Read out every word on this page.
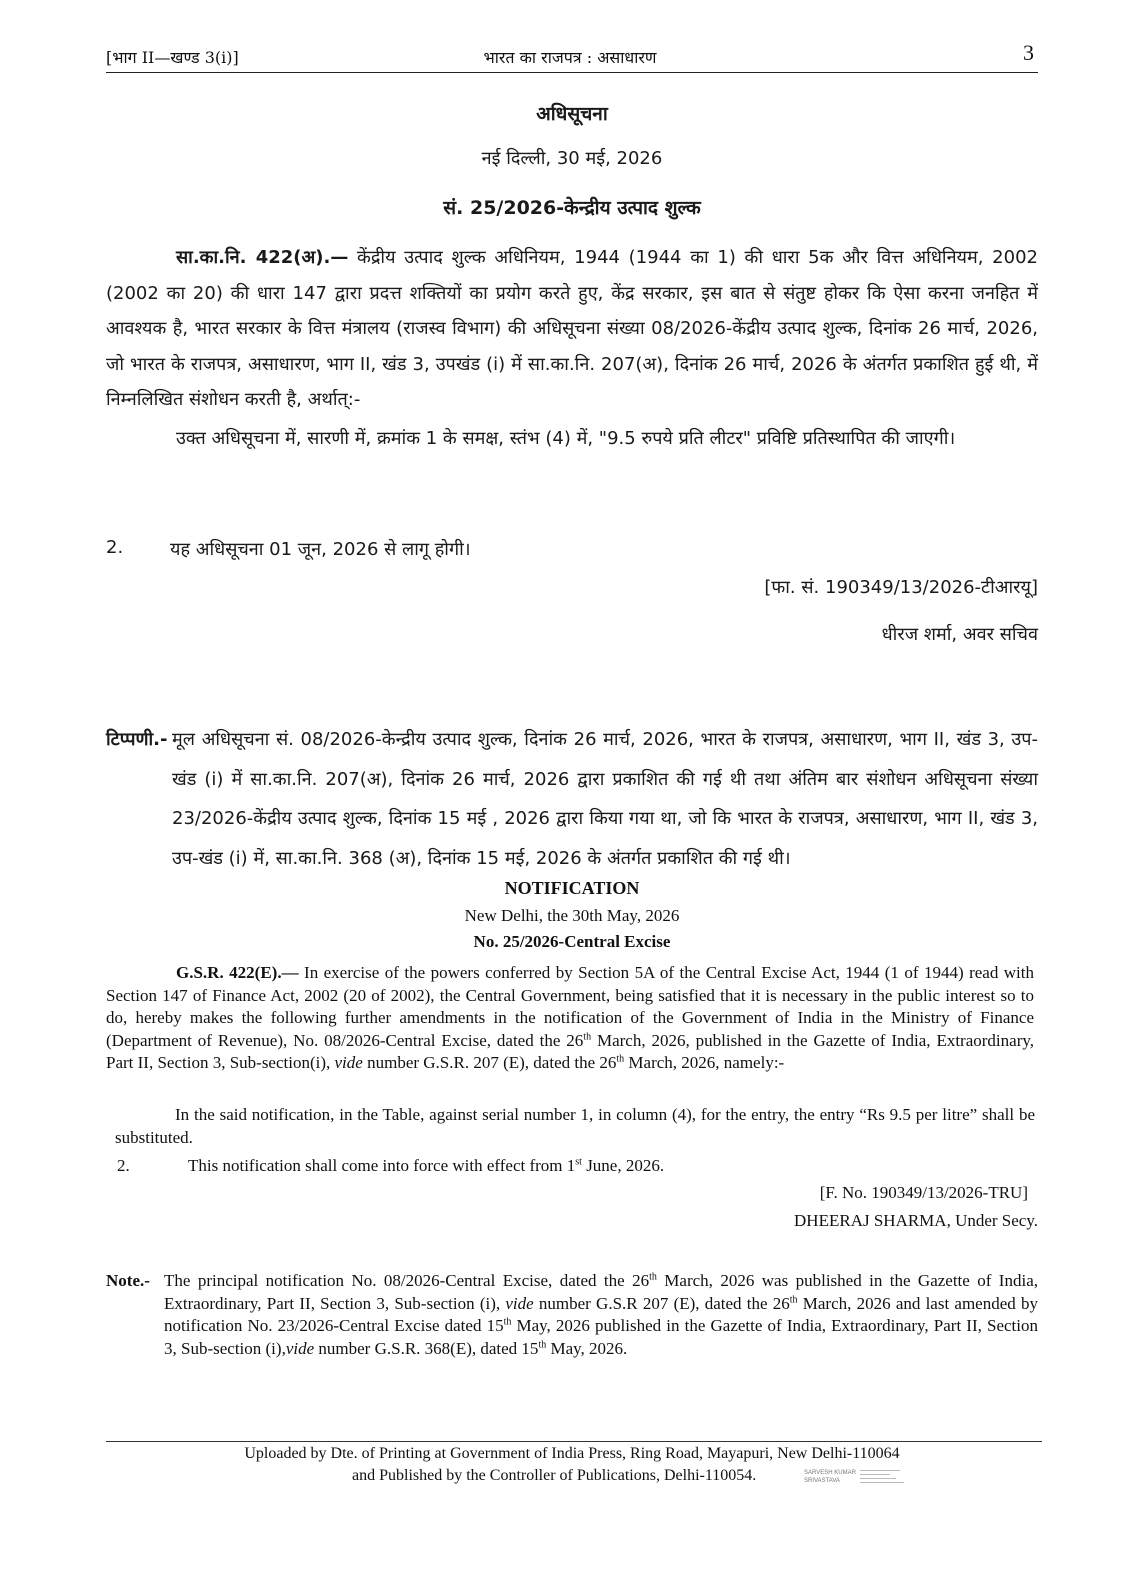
[भाग II—खण्ड 3(i)]	भारत का राजपत्र : असाधारण	3
अधिसूचना
नई दिल्ली, 30 मई, 2026
सं. 25/2026-केन्द्रीय उत्पाद शुल्क
सा.का.नि. 422(अ).— केंद्रीय उत्पाद शुल्क अधिनियम, 1944 (1944 का 1) की धारा 5क और वित्त अधिनियम, 2002 (2002 का 20) की धारा 147 द्वारा प्रदत्त शक्तियों का प्रयोग करते हुए, केंद्र सरकार, इस बात से संतुष्ट होकर कि ऐसा करना जनहित में आवश्यक है, भारत सरकार के वित्त मंत्रालय (राजस्व विभाग) की अधिसूचना संख्या 08/2026-केंद्रीय उत्पाद शुल्क, दिनांक 26 मार्च, 2026, जो भारत के राजपत्र, असाधारण, भाग II, खंड 3, उपखंड (i) में सा.का.नि. 207(अ), दिनांक 26 मार्च, 2026 के अंतर्गत प्रकाशित हुई थी, में निम्नलिखित संशोधन करती है, अर्थात्:-
उक्त अधिसूचना में, सारणी में, क्रमांक 1 के समक्ष, स्तंभ (4) में, "9.5 रुपये प्रति लीटर" प्रविष्टि प्रतिस्थापित की जाएगी।
2.	यह अधिसूचना 01 जून, 2026 से लागू होगी।
[फा. सं. 190349/13/2026-टीआरयू]
धीरज शर्मा, अवर सचिव
टिप्पणी.- मूल अधिसूचना सं. 08/2026-केन्द्रीय उत्पाद शुल्क, दिनांक 26 मार्च, 2026, भारत के राजपत्र, असाधारण, भाग II, खंड 3, उप-खंड (i) में सा.का.नि. 207(अ), दिनांक 26 मार्च, 2026 द्वारा प्रकाशित की गई थी तथा अंतिम बार संशोधन अधिसूचना संख्या 23/2026-केंद्रीय उत्पाद शुल्क, दिनांक 15 मई , 2026 द्वारा किया गया था, जो कि भारत के राजपत्र, असाधारण, भाग II, खंड 3, उप-खंड (i) में, सा.का.नि. 368 (अ), दिनांक 15 मई, 2026 के अंतर्गत प्रकाशित की गई थी।
NOTIFICATION
New Delhi, the 30th May, 2026
No. 25/2026-Central Excise
G.S.R. 422(E).— In exercise of the powers conferred by Section 5A of the Central Excise Act, 1944 (1 of 1944) read with Section 147 of Finance Act, 2002 (20 of 2002), the Central Government, being satisfied that it is necessary in the public interest so to do, hereby makes the following further amendments in the notification of the Government of India in the Ministry of Finance (Department of Revenue), No. 08/2026-Central Excise, dated the 26th March, 2026, published in the Gazette of India, Extraordinary, Part II, Section 3, Sub-section(i), vide number G.S.R. 207 (E), dated the 26th March, 2026, namely:-
In the said notification, in the Table, against serial number 1, in column (4), for the entry, the entry “Rs 9.5 per litre” shall be substituted.
2.	This notification shall come into force with effect from 1st June, 2026.
[F. No. 190349/13/2026-TRU]
DHEERAJ SHARMA, Under Secy.
Note.- The principal notification No. 08/2026-Central Excise, dated the 26th March, 2026 was published in the Gazette of India, Extraordinary, Part II, Section 3, Sub-section (i), vide number G.S.R 207 (E), dated the 26th March, 2026 and last amended by notification No. 23/2026-Central Excise dated 15th May, 2026 published in the Gazette of India, Extraordinary, Part II, Section 3, Sub-section (i),vide number G.S.R. 368(E), dated 15th May, 2026.
Uploaded by Dte. of Printing at Government of India Press, Ring Road, Mayapuri, New Delhi-110064
and Published by the Controller of Publications, Delhi-110054.	SARVESH KUMAR
SRIVASTAVA
